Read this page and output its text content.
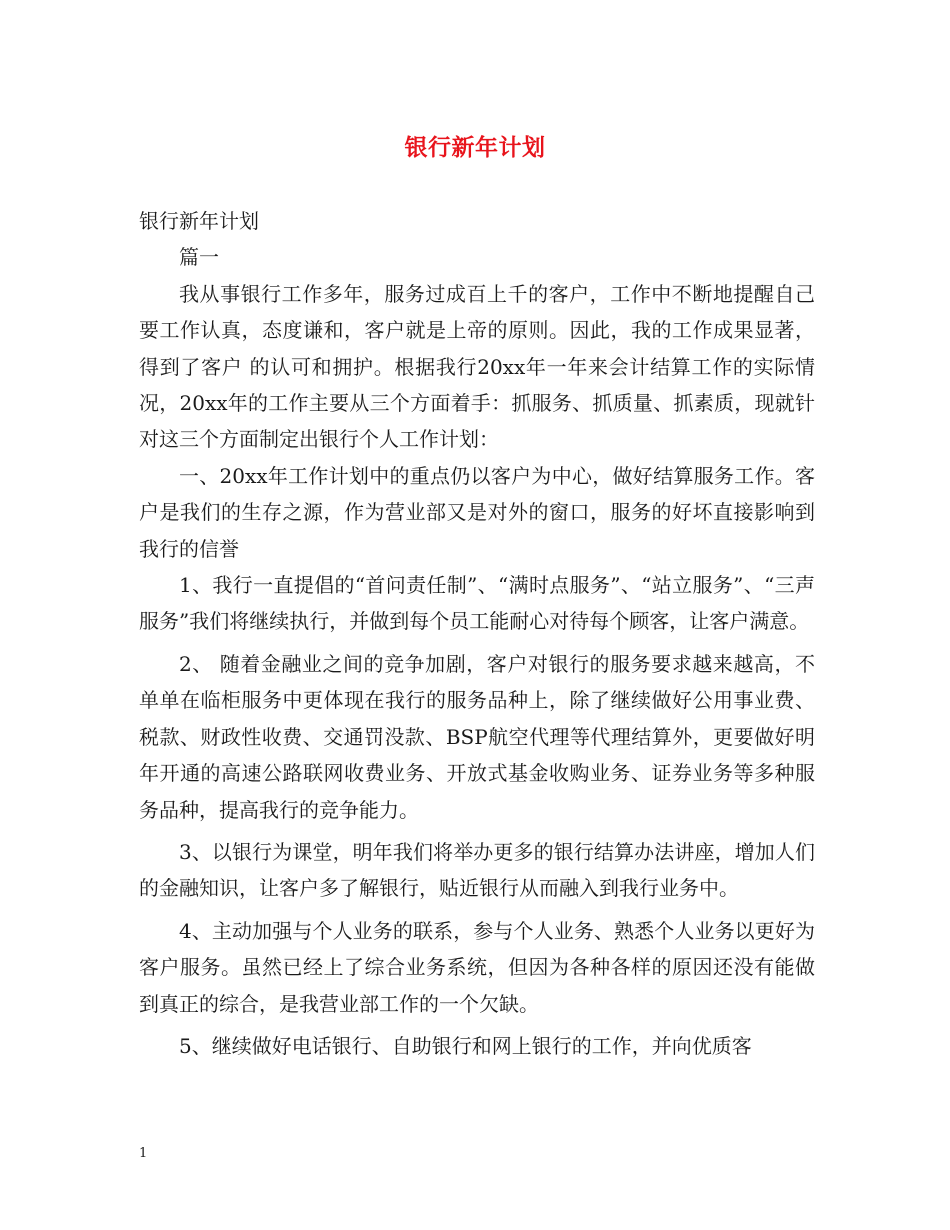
银行新年计划

银行新年计划

篇一

我从事银行工作多年，服务过成百上千的客户，工作中不断地提醒自己要工作认真，态度谦和，客户就是上帝的原则。因此，我的工作成果显著，得到了客户 的认可和拥护。根据我行20xx年一年来会计结算工作的实际情况，20xx年的工作主要从三个方面着手：抓服务、抓质量、抓素质，现就针对这三个方面制定出银行个人工作计划：

一、20xx年工作计划中的重点仍以客户为中心，做好结算服务工作。客户是我们的生存之源，作为营业部又是对外的窗口，服务的好坏直接影响到我行的信誉

1、我行一直提倡的“首问责任制”、“满时点服务”、“站立服务”、“三声服务”我们将继续执行，并做到每个员工能耐心对待每个顾客，让客户满意。

2、 随着金融业之间的竞争加剧，客户对银行的服务要求越来越高，不单单在临柜服务中更体现在我行的服务品种上，除了继续做好公用事业费、税款、财政性收费、交通罚没款、BSP航空代理等代理结算外，更要做好明年开通的高速公路联网收费业务、开放式基金收购业务、证券业务等多种服务品种，提高我行的竞争能力。

3、以银行为课堂，明年我们将举办更多的银行结算办法讲座，增加人们的金融知识，让客户多了解银行，贴近银行从而融入到我行业务中。

4、主动加强与个人业务的联系，参与个人业务、熟悉个人业务以更好为客户服务。虽然已经上了综合业务系统，但因为各种各样的原因还没有能做到真正的综合，是我营业部工作的一个欠缺。

5、继续做好电话银行、自助银行和网上银行的工作，并向优质客

1
